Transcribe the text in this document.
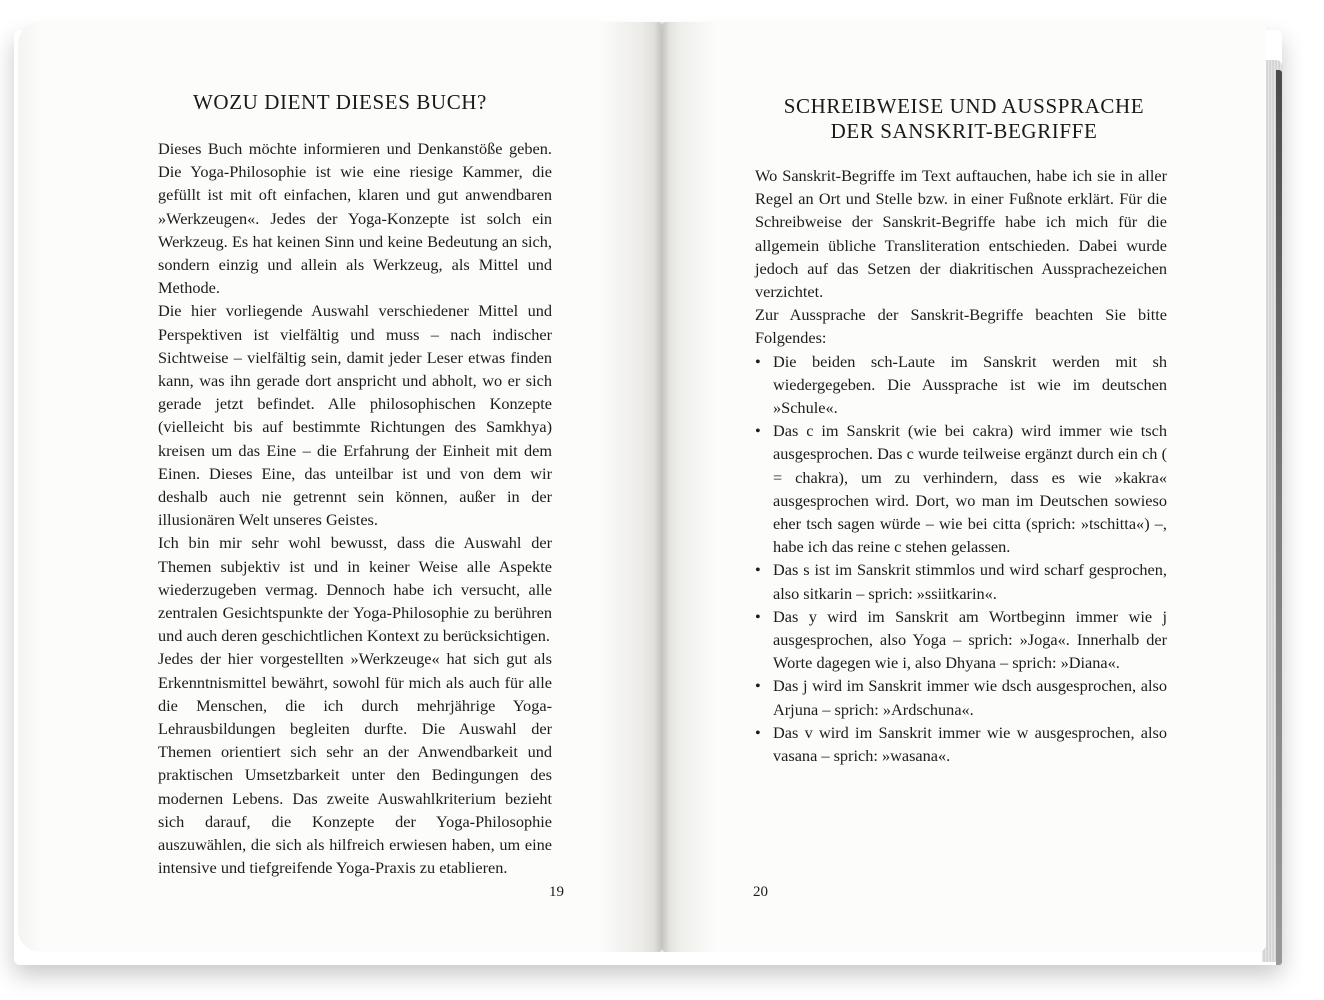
WOZU DIENT DIESES BUCH?

Dieses Buch möchte informieren und Denkanstöße geben. Die Yoga-Philosophie ist wie eine riesige Kammer, die gefüllt ist mit oft einfachen, klaren und gut anwendbaren »Werkzeugen«. Jedes der Yoga-Konzepte ist solch ein Werkzeug. Es hat keinen Sinn und keine Bedeutung an sich, sondern einzig und allein als Werkzeug, als Mittel und Methode.

Die hier vorliegende Auswahl verschiedener Mittel und Perspektiven ist vielfältig und muss – nach indischer Sichtweise – vielfältig sein, damit jeder Leser etwas finden kann, was ihn gerade dort anspricht und abholt, wo er sich gerade jetzt befindet. Alle philosophischen Konzepte (vielleicht bis auf bestimmte Richtungen des Samkhya) kreisen um das Eine – die Erfahrung der Einheit mit dem Einen. Dieses Eine, das unteilbar ist und von dem wir deshalb auch nie getrennt sein können, außer in der illusionären Welt unseres Geistes.

Ich bin mir sehr wohl bewusst, dass die Auswahl der Themen subjektiv ist und in keiner Weise alle Aspekte wiederzugeben vermag. Dennoch habe ich versucht, alle zentralen Gesichtspunkte der Yoga-Philosophie zu berühren und auch deren geschichtlichen Kontext zu berücksichtigen.

Jedes der hier vorgestellten »Werkzeuge« hat sich gut als Erkenntnismittel bewährt, sowohl für mich als auch für alle die Menschen, die ich durch mehrjährige Yoga-Lehrausbildungen begleiten durfte. Die Auswahl der Themen orientiert sich sehr an der Anwendbarkeit und praktischen Umsetzbarkeit unter den Bedingungen des modernen Lebens. Das zweite Auswahlkriterium bezieht sich darauf, die Konzepte der Yoga-Philosophie auszuwählen, die sich als hilfreich erwiesen haben, um eine intensive und tiefgreifende Yoga-Praxis zu etablieren.

19
SCHREIBWEISE UND AUSSPRACHE
DER SANSKRIT-BEGRIFFE

Wo Sanskrit-Begriffe im Text auftauchen, habe ich sie in aller Regel an Ort und Stelle bzw. in einer Fußnote erklärt. Für die Schreibweise der Sanskrit-Begriffe habe ich mich für die allgemein übliche Transliteration entschieden. Dabei wurde jedoch auf das Setzen der diakritischen Aussprachezeichen verzichtet.

Zur Aussprache der Sanskrit-Begriffe beachten Sie bitte Folgendes:

• Die beiden sch-Laute im Sanskrit werden mit sh wiedergegeben. Die Aussprache ist wie im deutschen »Schule«.
• Das c im Sanskrit (wie bei cakra) wird immer wie tsch ausgesprochen. Das c wurde teilweise ergänzt durch ein ch ( = chakra), um zu verhindern, dass es wie »kakra« ausgesprochen wird. Dort, wo man im Deutschen sowieso eher tsch sagen würde – wie bei citta (sprich: »tschitta«) –, habe ich das reine c stehen gelassen.
• Das s ist im Sanskrit stimmlos und wird scharf gesprochen, also sitkarin – sprich: »ssiitkarin«.
• Das y wird im Sanskrit am Wortbeginn immer wie j ausgesprochen, also Yoga – sprich: »Joga«. Innerhalb der Worte dagegen wie i, also Dhyana – sprich: »Diana«.
• Das j wird im Sanskrit immer wie dsch ausgesprochen, also Arjuna – sprich: »Ardschuna«.
• Das v wird im Sanskrit immer wie w ausgesprochen, also vasana – sprich: »wasana«.
20
